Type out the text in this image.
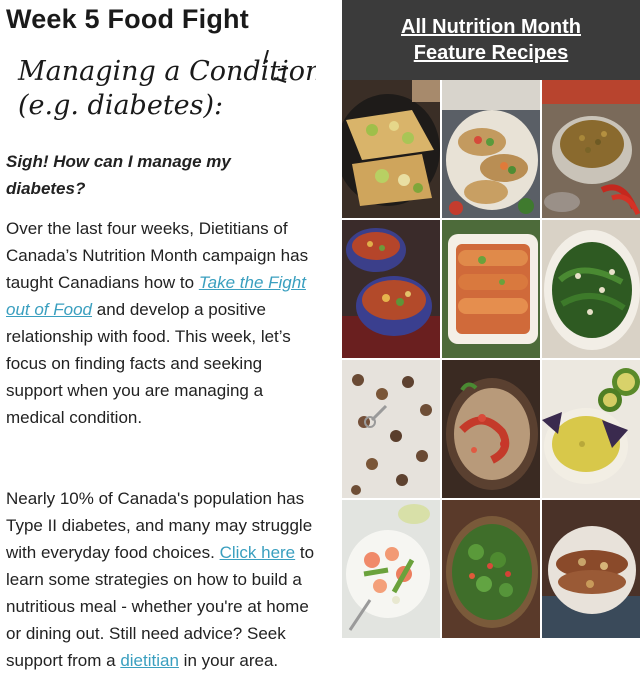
Week 5 Food Fight
Managing a Condition
(e.g. diabetes):
Sigh! How can I manage my diabetes?
Over the last four weeks, Dietitians of Canada’s Nutrition Month campaign has taught Canadians how to Take the Fight out of Food and develop a positive relationship with food. This week, let’s focus on finding facts and seeking support when you are managing a medical condition.
Nearly 10% of Canada's population has Type II diabetes, and many may struggle with everyday food choices. Click here to learn some strategies on how to build a nutritious meal - whether you're at home or dining out. Still need advice? Seek support from a dietitian in your area.
All Nutrition Month Feature Recipes
